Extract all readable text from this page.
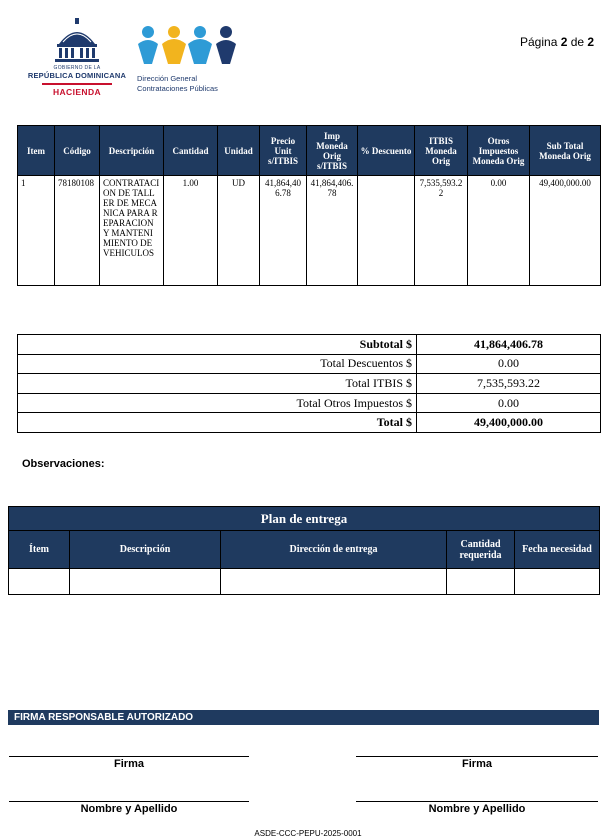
GOBIERNO DE LA
REPÚBLICA DOMINICANA
HACIENDA
Dirección General
Contrataciones Públicas
Página 2 de 2
Item	Código	Descripción	Cantidad	Unidad	Precio Unit s/ITBIS	Imp Moneda Orig s/ITBIS	% Descuento	ITBIS Moneda Orig	Otros Impuestos Moneda Orig	Sub Total Moneda Orig
1	78180108	CONTRATACION DE TALLER DE MECANICA PARA REPARACION Y MANTENIMIENTO DE VEHICULOS	1.00	UD	41,864,406.78	41,864,406.78		7,535,593.22	0.00	49,400,000.00
Subtotal $	41,864,406.78
Total Descuentos $	0.00
Total ITBIS $	7,535,593.22
Total Otros Impuestos $	0.00
Total $	49,400,000.00
Observaciones:
Plan de entrega				
Ítem	Descripción	Dirección de entrega	Cantidad requerida	Fecha necesidad

FIRMA RESPONSABLE AUTORIZADO
Firma	Firma
Nombre y Apellido	Nombre y Apellido
ASDE-CCC-PEPU-2025-0001
